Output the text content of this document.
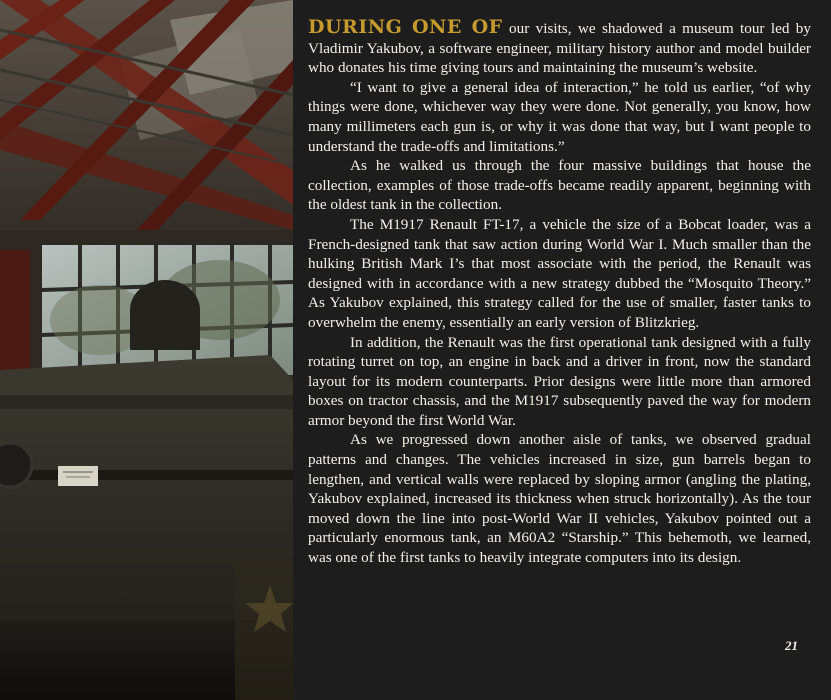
DURING ONE OF our visits, we shadowed a museum tour led by Vladimir Yakubov, a software engineer, military history author and model builder who donates his time giving tours and maintaining the museum’s website.

“I want to give a general idea of interaction,” he told us earlier, “of why things were done, whichever way they were done. Not generally, you know, how many millimeters each gun is, or why it was done that way, but I want people to understand the trade-offs and limitations.”

As he walked us through the four massive buildings that house the collection, examples of those trade-offs became readily apparent, beginning with the oldest tank in the collection.

The M1917 Renault FT-17, a vehicle the size of a Bobcat loader, was a French-designed tank that saw action during World War I. Much smaller than the hulking British Mark I’s that most associate with the period, the Renault was designed with in accordance with a new strategy dubbed the “Mosquito Theory.” As Yakubov explained, this strategy called for the use of smaller, faster tanks to overwhelm the enemy, essentially an early version of Blitzkrieg.

In addition, the Renault was the first operational tank designed with a fully rotating turret on top, an engine in back and a driver in front, now the standard layout for its modern counterparts. Prior designs were little more than armored boxes on tractor chassis, and the M1917 subsequently paved the way for modern armor beyond the first World War.

As we progressed down another aisle of tanks, we observed gradual patterns and changes. The vehicles increased in size, gun barrels began to lengthen, and vertical walls were replaced by sloping armor (angling the plating, Yakubov explained, increased its thickness when struck horizontally). As the tour moved down the line into post-World War II vehicles, Yakubov pointed out a particularly enormous tank, an M60A2 “Starship.” This behemoth, we learned, was one of the first tanks to heavily integrate computers into its design.

21
